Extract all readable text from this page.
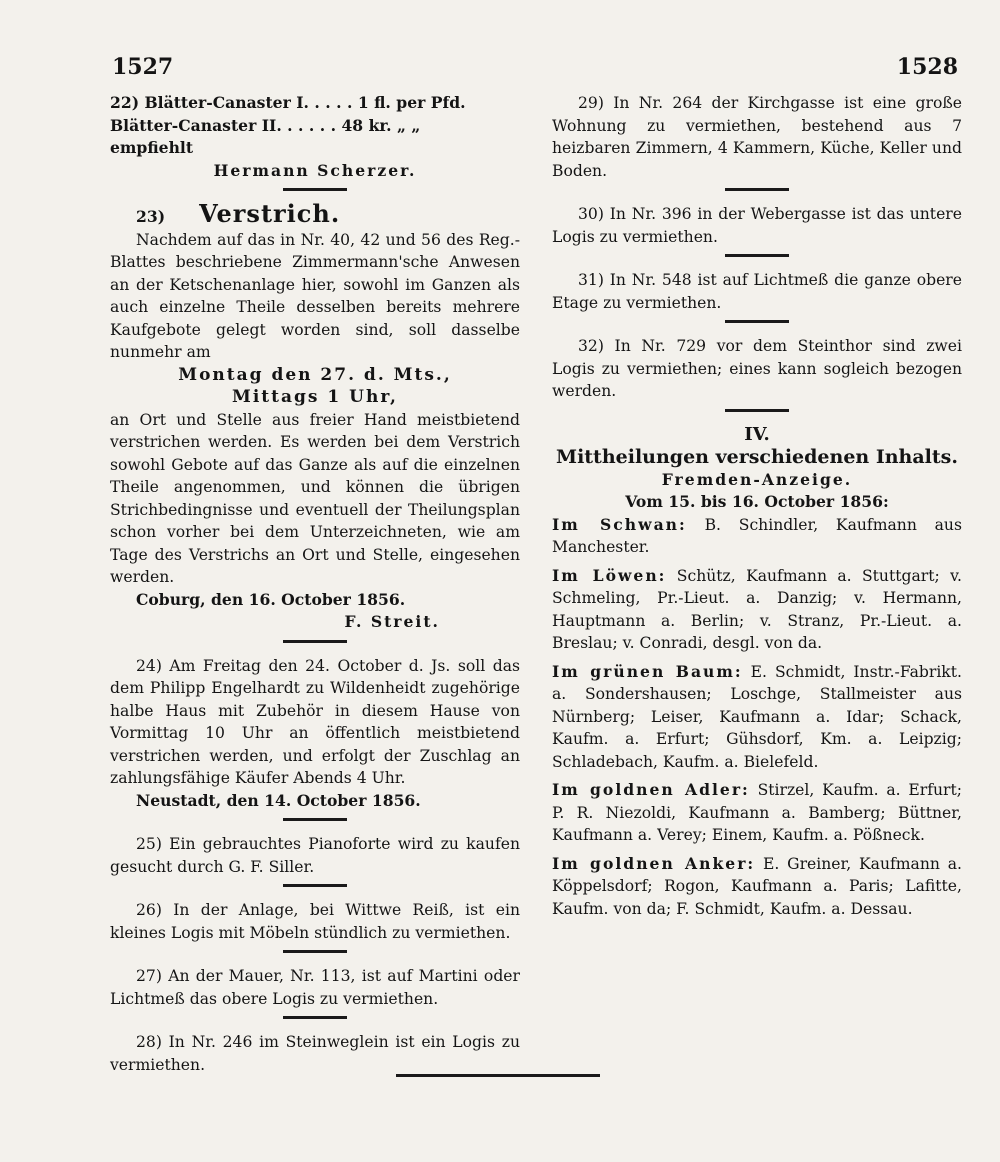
1527	1528
22) Blätter-Canaster I. . . . . 1 fl. per Pfd.
Blätter-Canaster II. . . . . . 48 kr. „ „
empfiehlt
Hermann Scherzer.
23) Verstrich.
Nachdem auf das in Nr. 40, 42 und 56 des Reg.-Blattes beschriebene Zimmermann'sche Anwesen an der Ketschenanlage hier, sowohl im Ganzen als auch einzelne Theile desselben bereits mehrere Kaufgebote gelegt worden sind, soll dasselbe nunmehr am
Montag den 27. d. Mts.,
Mittags 1 Uhr,
an Ort und Stelle aus freier Hand meistbietend verstrichen werden. Es werden bei dem Verstrich sowohl Gebote auf das Ganze als auf die einzelnen Theile angenommen, und können die übrigen Strichbedingnisse und eventuell der Theilungsplan schon vorher bei dem Unterzeichneten, wie am Tage des Verstrichs an Ort und Stelle, eingesehen werden.
Coburg, den 16. October 1856.
F. Streit.
24) Am Freitag den 24. October d. Js. soll das dem Philipp Engelhardt zu Wildenheidt zugehörige halbe Haus mit Zubehör in diesem Hause von Vormittag 10 Uhr an öffentlich meistbietend verstrichen werden, und erfolgt der Zuschlag an zahlungsfähige Käufer Abends 4 Uhr.
Neustadt, den 14. October 1856.
25) Ein gebrauchtes Pianoforte wird zu kaufen gesucht durch G. F. Siller.
26) In der Anlage, bei Wittwe Reiß, ist ein kleines Logis mit Möbeln stündlich zu vermiethen.
27) An der Mauer, Nr. 113, ist auf Martini oder Lichtmeß das obere Logis zu vermiethen.
28) In Nr. 246 im Steinweglein ist ein Logis zu vermiethen.
29) In Nr. 264 der Kirchgasse ist eine große Wohnung zu vermiethen, bestehend aus 7 heizbaren Zimmern, 4 Kammern, Küche, Keller und Boden.
30) In Nr. 396 in der Webergasse ist das untere Logis zu vermiethen.
31) In Nr. 548 ist auf Lichtmeß die ganze obere Etage zu vermiethen.
32) In Nr. 729 vor dem Steinthor sind zwei Logis zu vermiethen; eines kann sogleich bezogen werden.
IV.
Mittheilungen verschiedenen Inhalts.
Fremden-Anzeige.
Vom 15. bis 16. October 1856:
Im Schwan: B. Schindler, Kaufmann aus Manchester.
Im Löwen: Schütz, Kaufmann a. Stuttgart; v. Schmeling, Pr.-Lieut. a. Danzig; v. Hermann, Hauptmann a. Berlin; v. Stranz, Pr.-Lieut. a. Breslau; v. Conradi, desgl. von da.
Im grünen Baum: E. Schmidt, Instr.-Fabrikt. a. Sondershausen; Loschge, Stallmeister aus Nürnberg; Leiser, Kaufmann a. Idar; Schack, Kaufm. a. Erfurt; Gühsdorf, Km. a. Leipzig; Schladebach, Kaufm. a. Bielefeld.
Im goldnen Adler: Stirzel, Kaufm. a. Erfurt; P. R. Niezoldi, Kaufmann a. Bamberg; Büttner, Kaufmann a. Verey; Einem, Kaufm. a. Pößneck.
Im goldnen Anker: E. Greiner, Kaufmann a. Köppelsdorf; Rogon, Kaufmann a. Paris; Lafitte, Kaufm. von da; F. Schmidt, Kaufm. a. Dessau.
